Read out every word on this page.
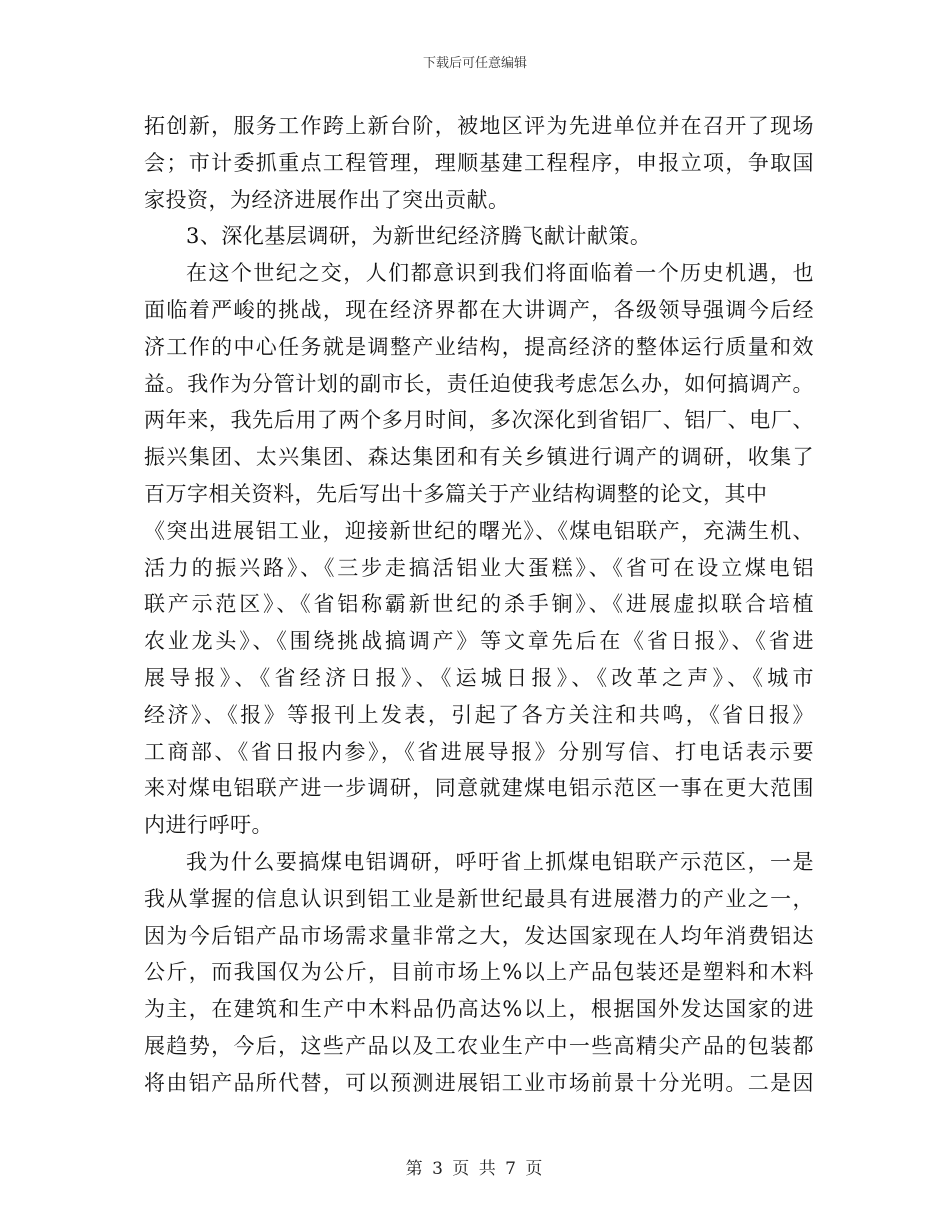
下载后可任意编辑
拓创新，服务工作跨上新台阶，被地区评为先进单位并在召开了现场
会；市计委抓重点工程管理，理顺基建工程程序，申报立项，争取国
家投资，为经济进展作出了突出贡献。
3、深化基层调研，为新世纪经济腾飞献计献策。
在这个世纪之交，人们都意识到我们将面临着一个历史机遇，也
面临着严峻的挑战，现在经济界都在大讲调产，各级领导强调今后经
济工作的中心任务就是调整产业结构，提高经济的整体运行质量和效
益。我作为分管计划的副市长，责任迫使我考虑怎么办，如何搞调产。
两年来，我先后用了两个多月时间，多次深化到省铝厂、铝厂、电厂、
振兴集团、太兴集团、森达集团和有关乡镇进行调产的调研，收集了
百万字相关资料，先后写出十多篇关于产业结构调整的论文，其中
《突出进展铝工业，迎接新世纪的曙光》、《煤电铝联产，充满生机、
活力的振兴路》、《三步走搞活铝业大蛋糕》、《省可在设立煤电铝
联产示范区》、《省铝称霸新世纪的杀手锏》、《进展虚拟联合培植
农业龙头》、《围绕挑战搞调产》等文章先后在《省日报》、《省进
展导报》、《省经济日报》、《运城日报》、《改革之声》、《城市
经济》、《报》等报刊上发表，引起了各方关注和共鸣，《省日报》
工商部、《省日报内参》，《省进展导报》分别写信、打电话表示要
来对煤电铝联产进一步调研，同意就建煤电铝示范区一事在更大范围
内进行呼吁。
我为什么要搞煤电铝调研，呼吁省上抓煤电铝联产示范区，一是
我从掌握的信息认识到铝工业是新世纪最具有进展潜力的产业之一，
因为今后铝产品市场需求量非常之大，发达国家现在人均年消费铝达
公斤，而我国仅为公斤，目前市场上%以上产品包装还是塑料和木料
为主，在建筑和生产中木料品仍高达%以上，根据国外发达国家的进
展趋势，今后，这些产品以及工农业生产中一些高精尖产品的包装都
将由铝产品所代替，可以预测进展铝工业市场前景十分光明。二是因
第 3 页 共 7 页
